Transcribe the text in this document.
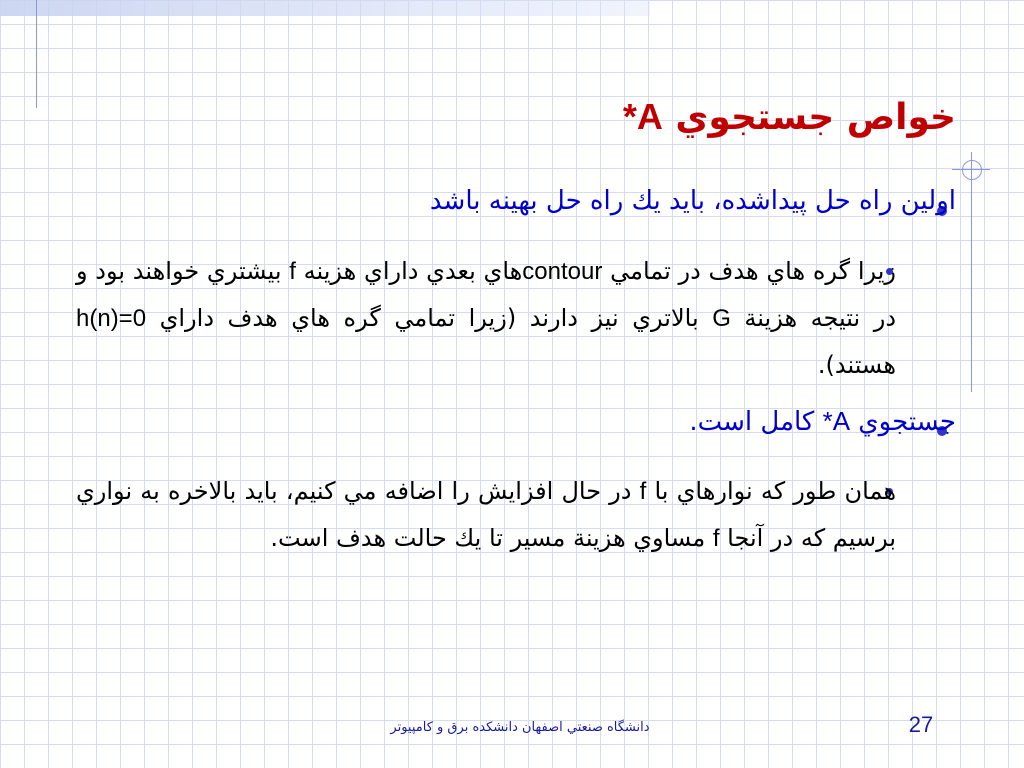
خواص جستجوي A*
اولين راه حل پيداشده، بايد يك راه حل بهينه باشد
زيرا گره هاي هدف در تمامي contourهاي بعدي داراي هزينه f بيشتري خواهند بود و در نتيجه هزينة G بالاتري نيز دارند (زيرا تمامي گره هاي هدف داراي h(n)=0 هستند).
جستجوي A* كامل است.
همان طور كه نوارهاي با f در حال افزايش را اضافه مي كنيم، بايد بالاخره به نواري برسيم كه در آنجا f مساوي هزينة مسير تا يك حالت هدف است.
دانشگاه صنعتي اصفهان دانشكده برق و كامپيوتر	27
